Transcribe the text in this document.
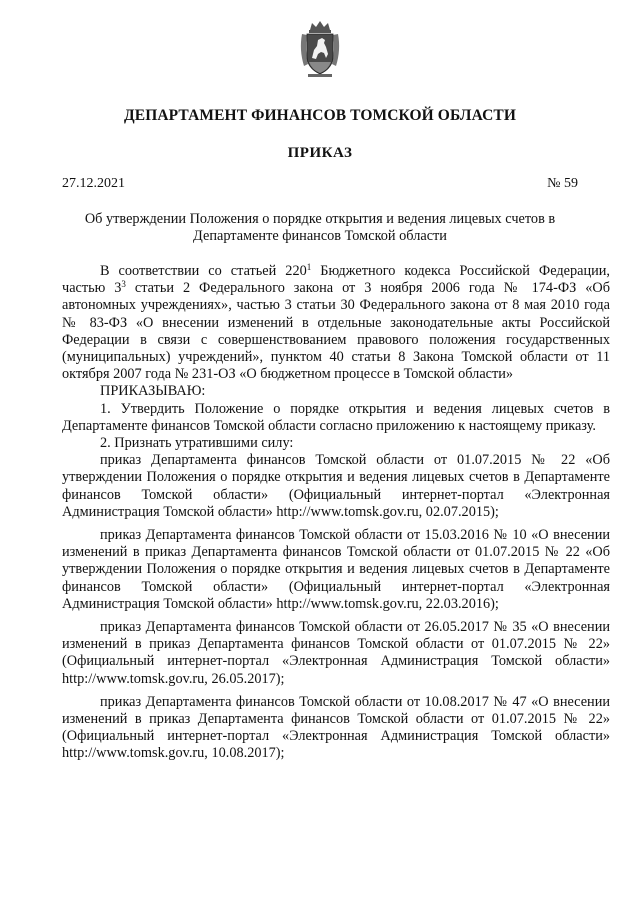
ДЕПАРТАМЕНТ ФИНАНСОВ ТОМСКОЙ ОБЛАСТИ
ПРИКАЗ
27.12.2021	№ 59
Об утверждении Положения о порядке открытия и ведения лицевых счетов в
Департаменте финансов Томской области

В соответствии со статьей $220^1$ Бюджетного кодекса Российской Федерации, частью $3^3$ статьи 2 Федерального закона от 3 ноября 2006 года № 174-ФЗ «Об автономных учреждениях», частью 3 статьи 30 Федерального закона от 8 мая 2010 года № 83-ФЗ «О внесении изменений в отдельные законодательные акты Российской Федерации в связи с совершенствованием правового положения государственных (муниципальных) учреждений», пунктом 40 статьи 8 Закона Томской области от 11 октября 2007 года № 231-ОЗ «О бюджетном процессе в Томской области»

ПРИКАЗЫВАЮ:

1. Утвердить Положение о порядке открытия и ведения лицевых счетов в Департаменте финансов Томской области согласно приложению к настоящему приказу.

2. Признать утратившими силу:

приказ Департамента финансов Томской области от 01.07.2015 № 22 «Об утверждении Положения о порядке открытия и ведения лицевых счетов в Департаменте финансов Томской области» (Официальный интернет-портал «Электронная Администрация Томской области» http://www.tomsk.gov.ru, 02.07.2015);

приказ Департамента финансов Томской области от 15.03.2016 № 10 «О внесении изменений в приказ Департамента финансов Томской области от 01.07.2015 № 22 «Об утверждении Положения о порядке открытия и ведения лицевых счетов в Департаменте финансов Томской области» (Официальный интернет-портал «Электронная Администрация Томской области» http://www.tomsk.gov.ru, 22.03.2016);

приказ Департамента финансов Томской области от 26.05.2017 № 35 «О внесении изменений в приказ Департамента финансов Томской области от 01.07.2015 № 22» (Официальный интернет-портал «Электронная Администрация Томской области» http://www.tomsk.gov.ru, 26.05.2017);

приказ Департамента финансов Томской области от 10.08.2017 № 47 «О внесении изменений в приказ Департамента финансов Томской области от 01.07.2015 № 22» (Официальный интернет-портал «Электронная Администрация Томской области» http://www.tomsk.gov.ru, 10.08.2017);
